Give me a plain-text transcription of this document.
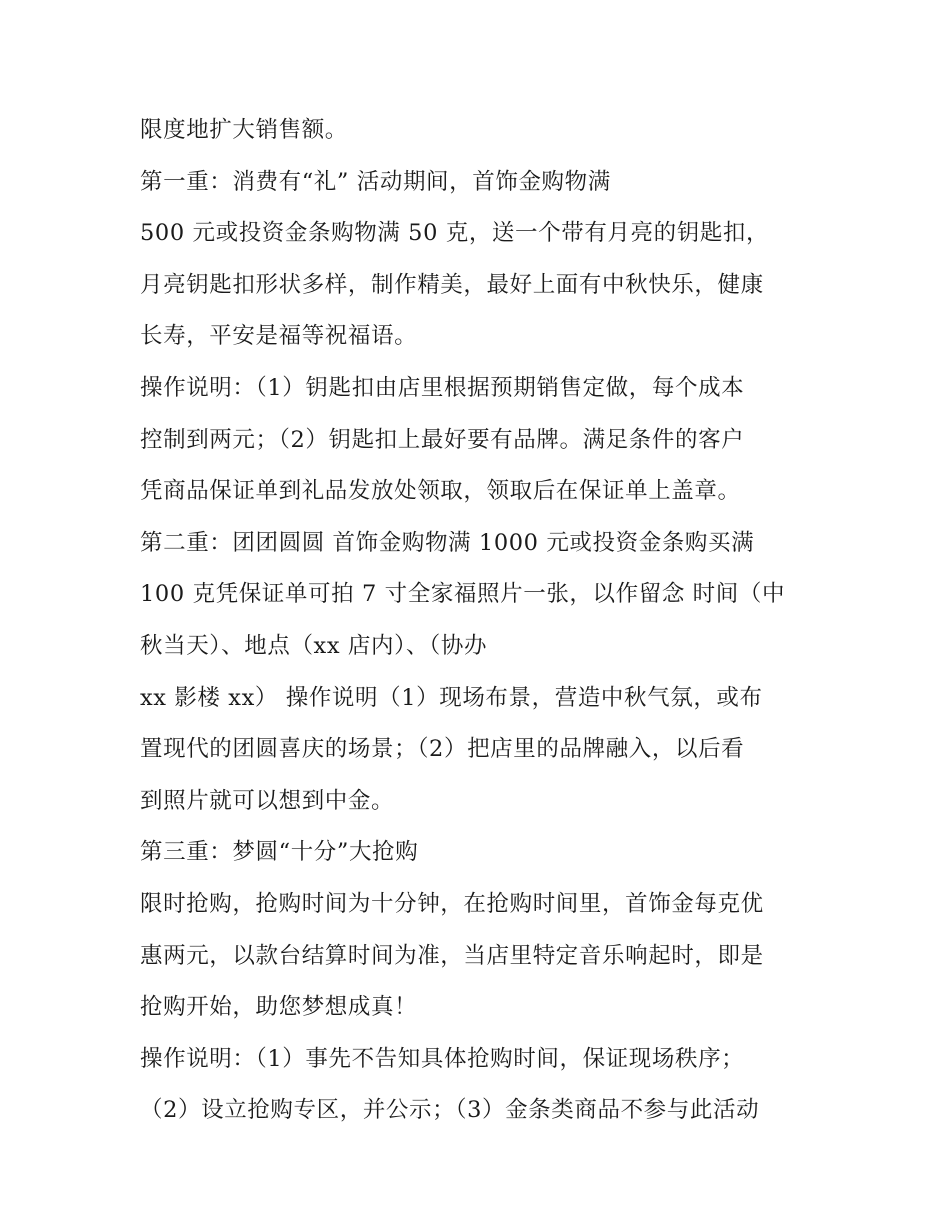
限度地扩大销售额。
第一重：消费有“礼” 活动期间，首饰金购物满
500 元或投资金条购物满 50 克，送一个带有月亮的钥匙扣，
月亮钥匙扣形状多样，制作精美，最好上面有中秋快乐，健康
长寿，平安是福等祝福语。
操作说明：（1）钥匙扣由店里根据预期销售定做，每个成本
控制到两元；（2）钥匙扣上最好要有品牌。满足条件的客户
凭商品保证单到礼品发放处领取，领取后在保证单上盖章。
第二重：团团圆圆 首饰金购物满 1000 元或投资金条购买满
100 克凭保证单可拍 7 寸全家福照片一张，以作留念 时间（中
秋当天）、地点（xx 店内）、（协办
xx 影楼 xx） 操作说明（1）现场布景，营造中秋气氛，或布
置现代的团圆喜庆的场景；（2）把店里的品牌融入，以后看
到照片就可以想到中金。
第三重：梦圆“十分”大抢购
限时抢购，抢购时间为十分钟，在抢购时间里，首饰金每克优
惠两元，以款台结算时间为准，当店里特定音乐响起时，即是
抢购开始，助您梦想成真！
操作说明：（1）事先不告知具体抢购时间，保证现场秩序；
（2）设立抢购专区，并公示；（3）金条类商品不参与此活动
